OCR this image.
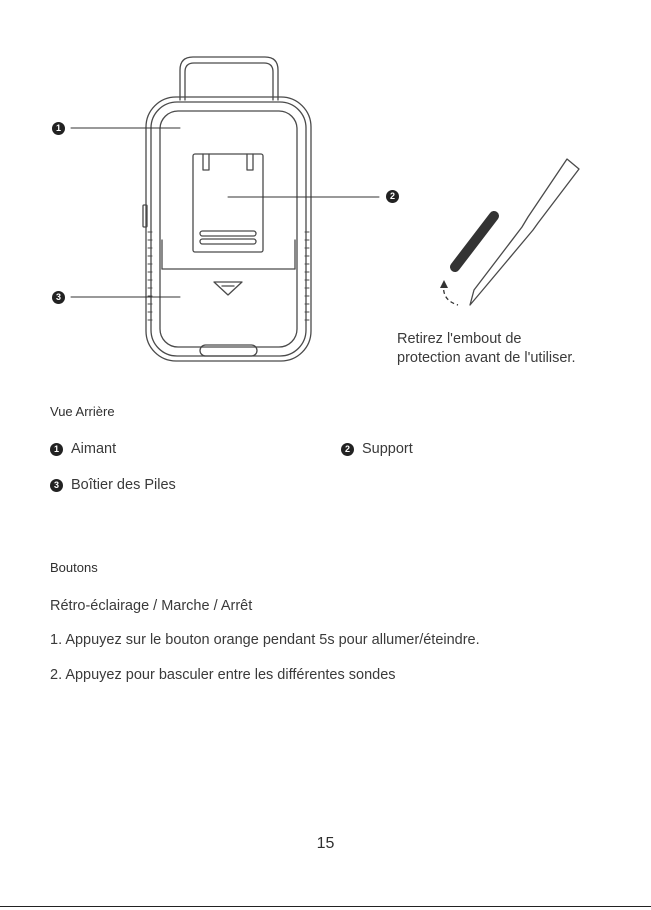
1
2
3
Retirez l'embout de
protection avant de l'utiliser.
Vue Arrière
1 Aimant	2 Support
3 Boîtier des Piles
Boutons
Rétro-éclairage / Marche / Arrêt
1. Appuyez sur le bouton orange pendant 5s pour allumer/éteindre.
2. Appuyez pour basculer entre les différentes sondes
15
